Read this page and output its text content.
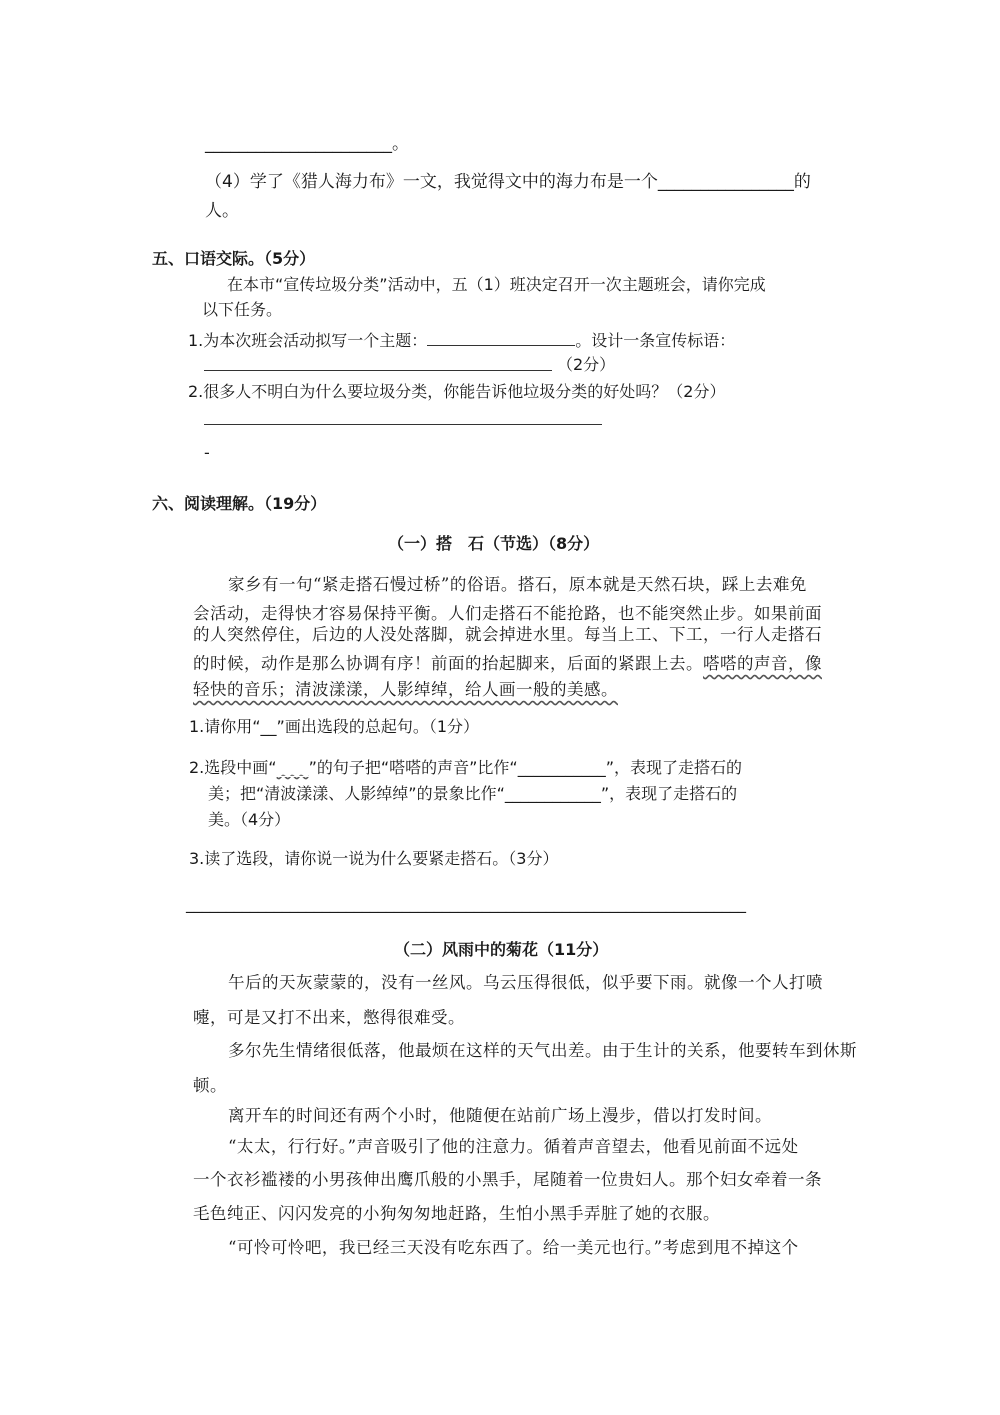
______________________。
（4）学了《猎人海力布》一文，我觉得文中的海力布是一个________________的
人。
五、口语交际。（5分）
在本市“宣传垃圾分类”活动中，五（1）班决定召开一次主题班会，请你完成
以下任务。
1.为本次班会活动拟写一个主题：	。设计一条宣传标语：
（2分）
2.很多人不明白为什么要垃圾分类，你能告诉他垃圾分类的好处吗？（2分）
-
六、阅读理解。（19分）
（一）搭　石（节选）（8分）
家乡有一句“紧走搭石慢过桥”的俗语。搭石，原本就是天然石块，踩上去难免
会活动，走得快才容易保持平衡。人们走搭石不能抢路，也不能突然止步。如果前面
的人突然停住，后边的人没处落脚，就会掉进水里。每当上工、下工，一行人走搭石
的时候，动作是那么协调有序！前面的抬起脚来，后面的紧跟上去。嗒嗒的声音，像
轻快的音乐；清波漾漾，人影绰绰，给人画一般的美感。
1.请你用“__”画出选段的总起句。（1分）
2.选段中画“____”的句子把“嗒嗒的声音”比作“___________”，表现了走搭石的
美；把“清波漾漾、人影绰绰”的景象比作“____________”，表现了走搭石的
美。（4分）
3.读了选段，请你说一说为什么要紧走搭石。（3分）
______________________________________________________________________
（二）风雨中的菊花（11分）
午后的天灰蒙蒙的，没有一丝风。乌云压得很低，似乎要下雨。就像一个人打喷
嚏，可是又打不出来，憋得很难受。
多尔先生情绪很低落，他最烦在这样的天气出差。由于生计的关系，他要转车到休斯
顿。
离开车的时间还有两个小时，他随便在站前广场上漫步，借以打发时间。
“太太，行行好。”声音吸引了他的注意力。循着声音望去，他看见前面不远处
一个衣衫褴褛的小男孩伸出鹰爪般的小黑手，尾随着一位贵妇人。那个妇女牵着一条
毛色纯正、闪闪发亮的小狗匆匆地赶路，生怕小黑手弄脏了她的衣服。
“可怜可怜吧，我已经三天没有吃东西了。给一美元也行。”考虑到甩不掉这个
